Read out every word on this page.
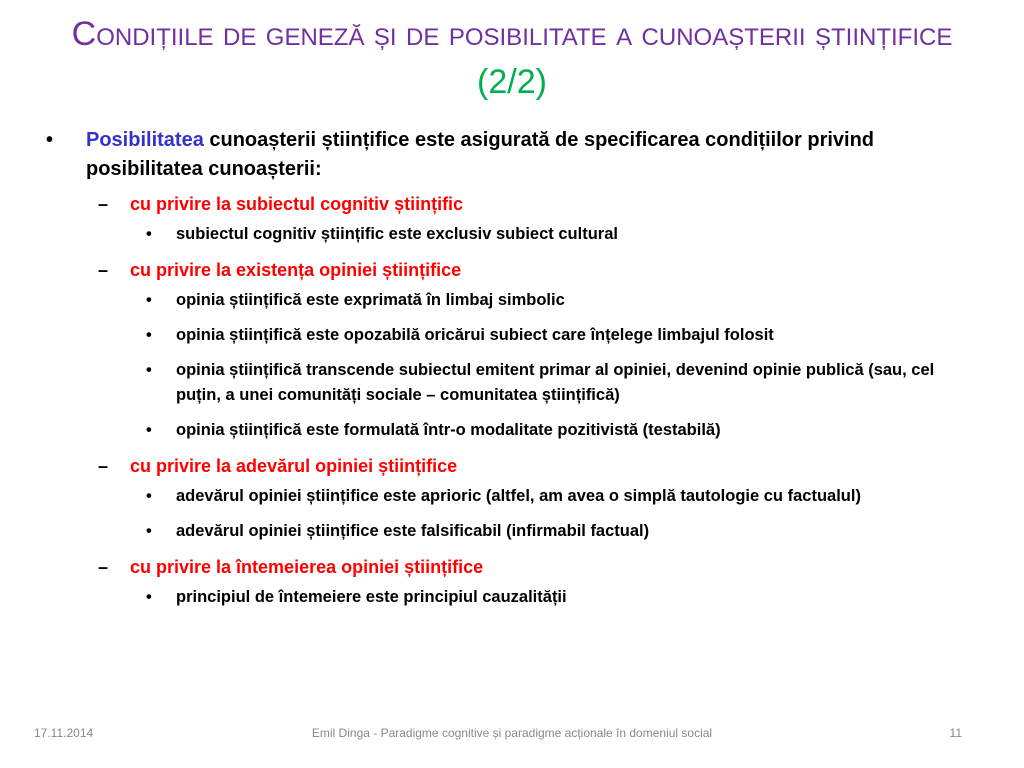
Condițiile de geneză și de posibilitate a cunoașterii științifice (2/2)
• Posibilitatea cunoașterii științifice este asigurată de specificarea condițiilor privind posibilitatea cunoașterii:
– cu privire la subiectul cognitiv științific
• subiectul cognitiv științific este exclusiv subiect cultural
– cu privire la existența opiniei științifice
• opinia științifică este exprimată în limbaj simbolic
• opinia științifică este opozabilă oricărui subiect care înțelege limbajul folosit
• opinia științifică transcende subiectul emitent primar al opiniei, devenind opinie publică (sau, cel puțin, a unei comunități sociale – comunitatea științifică)
• opinia științifică este formulată într-o modalitate pozitivistă (testabilă)
– cu privire la adevărul opiniei științifice
• adevărul opiniei științifice este aprioric (altfel, am avea o simplă tautologie cu factualul)
• adevărul opiniei științifice este falsificabil (infirmabil factual)
– cu privire la întemeierea opiniei științifice
• principiul de întemeiere este principiul cauzalității
17.11.2014	Emil Dinga - Paradigme cognitive și paradigme acționale în domeniul social	11
